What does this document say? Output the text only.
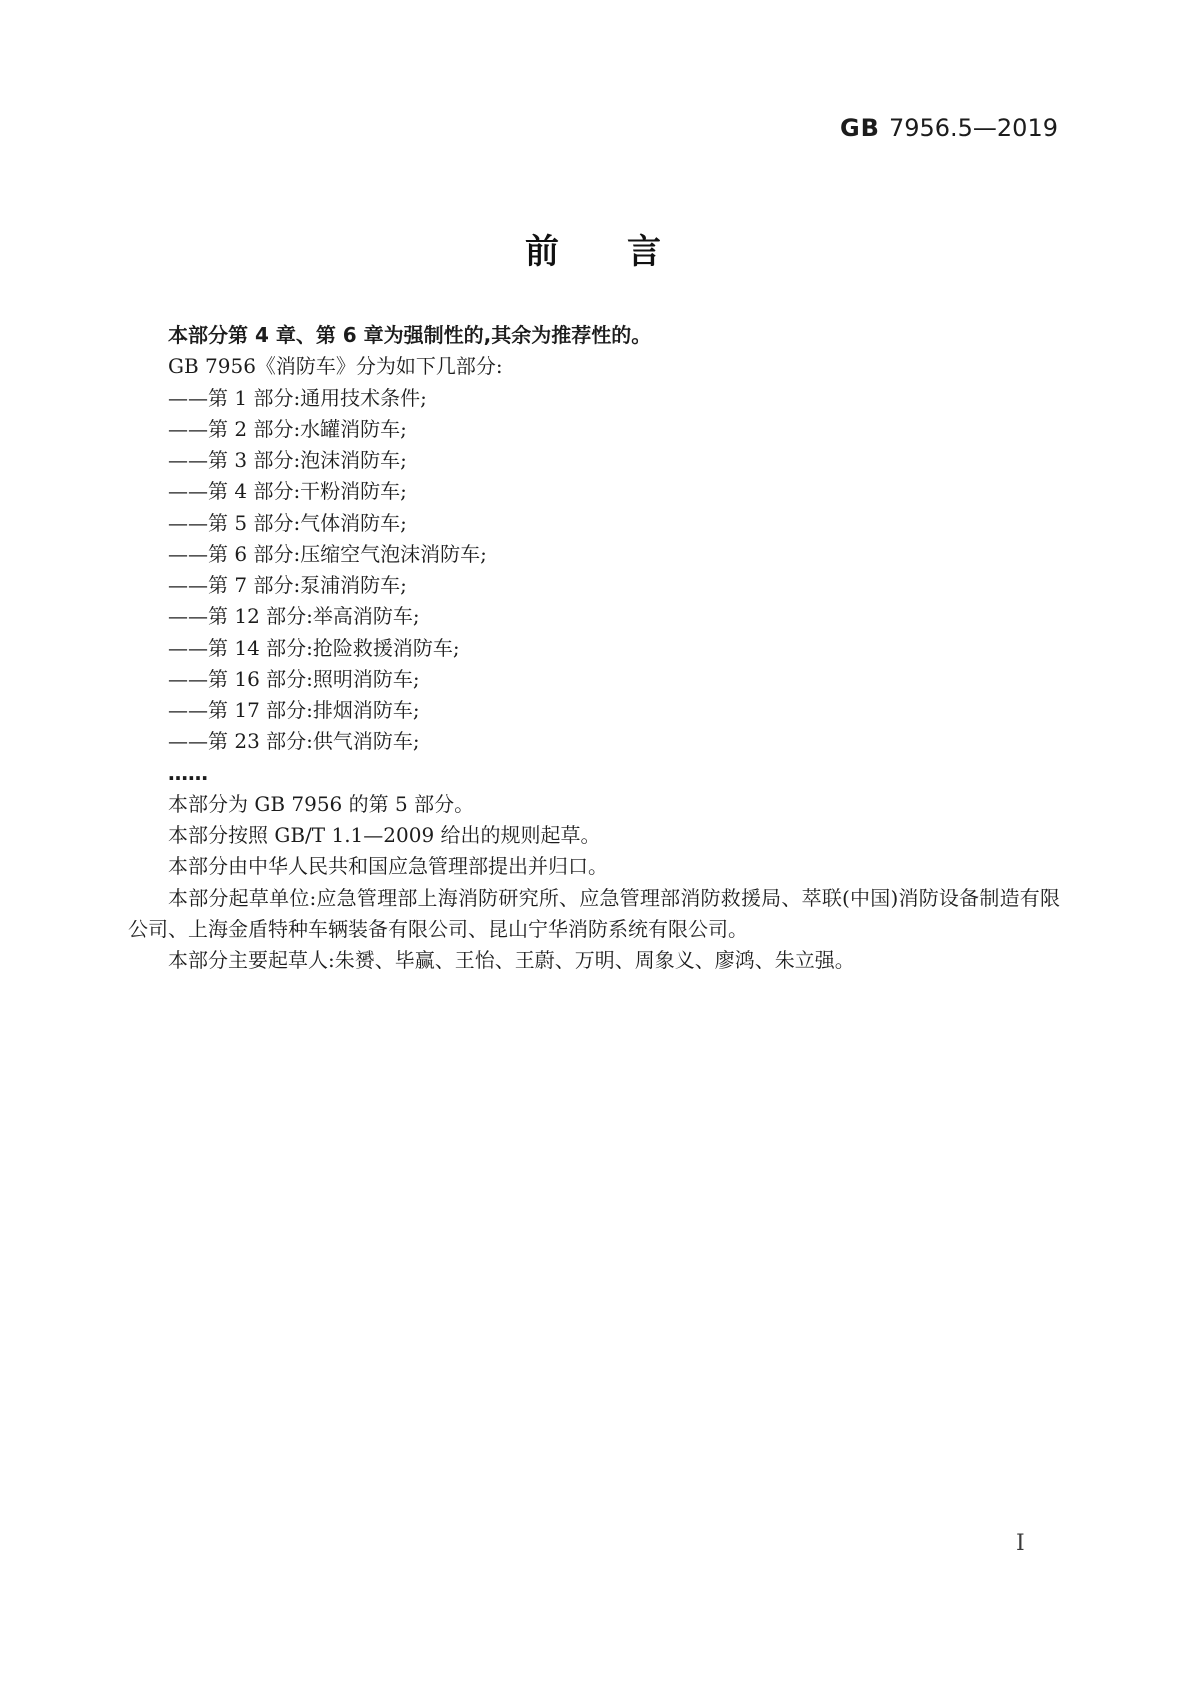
GB 7956.5—2019
前　　言

本部分第 4 章、第 6 章为强制性的,其余为推荐性的。

GB 7956《消防车》分为如下几部分:

——第 1 部分:通用技术条件;

——第 2 部分:水罐消防车;

——第 3 部分:泡沫消防车;

——第 4 部分:干粉消防车;

——第 5 部分:气体消防车;

——第 6 部分:压缩空气泡沫消防车;

——第 7 部分:泵浦消防车;

——第 12 部分:举高消防车;

——第 14 部分:抢险救援消防车;

——第 16 部分:照明消防车;

——第 17 部分:排烟消防车;

——第 23 部分:供气消防车;

……

本部分为 GB 7956 的第 5 部分。

本部分按照 GB/T 1.1—2009 给出的规则起草。

本部分由中华人民共和国应急管理部提出并归口。

本部分起草单位:应急管理部上海消防研究所、应急管理部消防救援局、萃联(中国)消防设备制造有限公司、上海金盾特种车辆装备有限公司、昆山宁华消防系统有限公司。

本部分主要起草人:朱赟、毕赢、王怡、王蔚、万明、周象义、廖鸿、朱立强。

I
